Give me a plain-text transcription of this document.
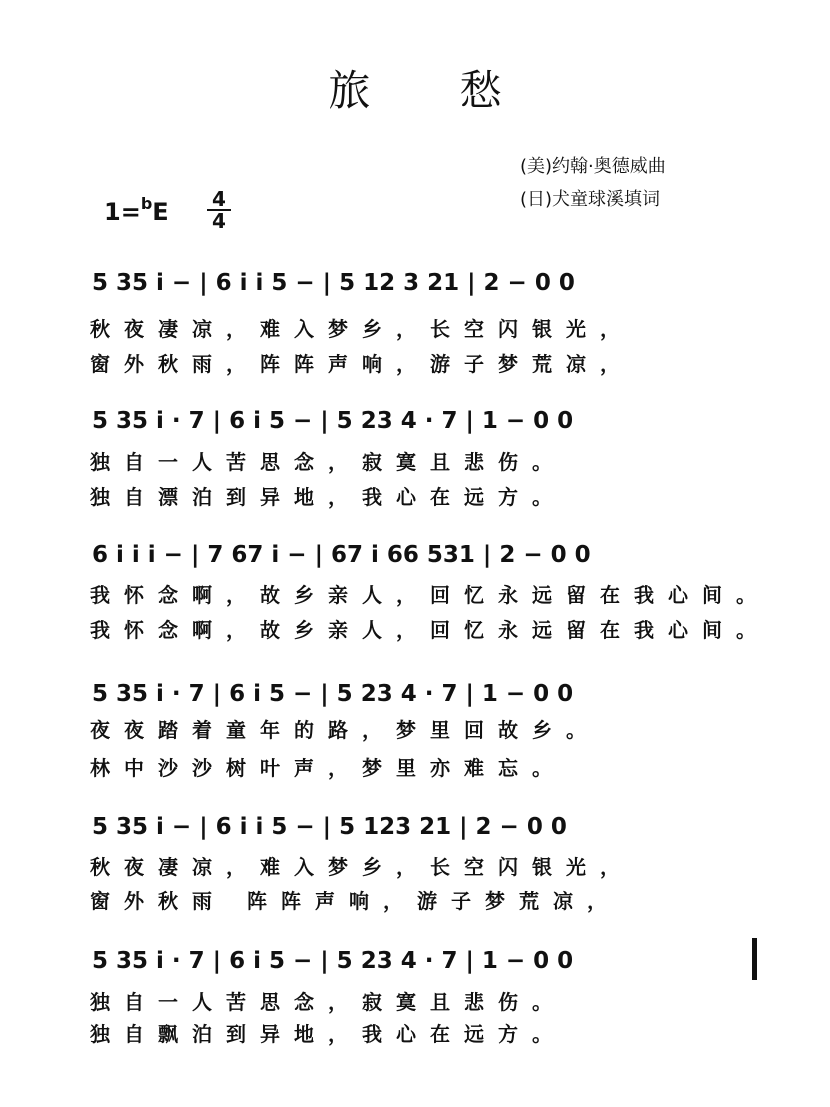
旅 愁
(美)约翰·奥德威曲
(日)犬童球溪填词
1=$^b$E 4
4
5 35 i − | 6 i i 5 − | 5 12 3 21 | 2 − 0 0
秋夜凄凉，难入梦乡，长空闪银光，
窗外秋雨，阵阵声响，游子梦荒凉，
5 35 i · 7 | 6 i 5 − | 5 23 4 · 7 | 1 − 0 0
独自一人苦思念，寂寞且悲伤。
独自漂泊到异地，我心在远方。
6 i i i − | 7 67 i − | 67 i 66 531 | 2 − 0 0
我怀念啊，故乡亲人，回忆永远留在我心间。
我怀念啊，故乡亲人，回忆永远留在我心间。
5 35 i · 7 | 6 i 5 − | 5 23 4 · 7 | 1 − 0 0
夜夜踏着童年的路，梦里回故乡。
林中沙沙树叶声，梦里亦难忘。
5 35 i − | 6 i i 5 − | 5 123 21 | 2 − 0 0
秋夜凄凉，难入梦乡，长空闪银光，
窗外秋雨 阵阵声响，游子梦荒凉，
5 35 i · 7 | 6 i 5 − | 5 23 4 · 7 | 1 − 0 0
独自一人苦思念，寂寞且悲伤。
独自飘泊到异地，我心在远方。
